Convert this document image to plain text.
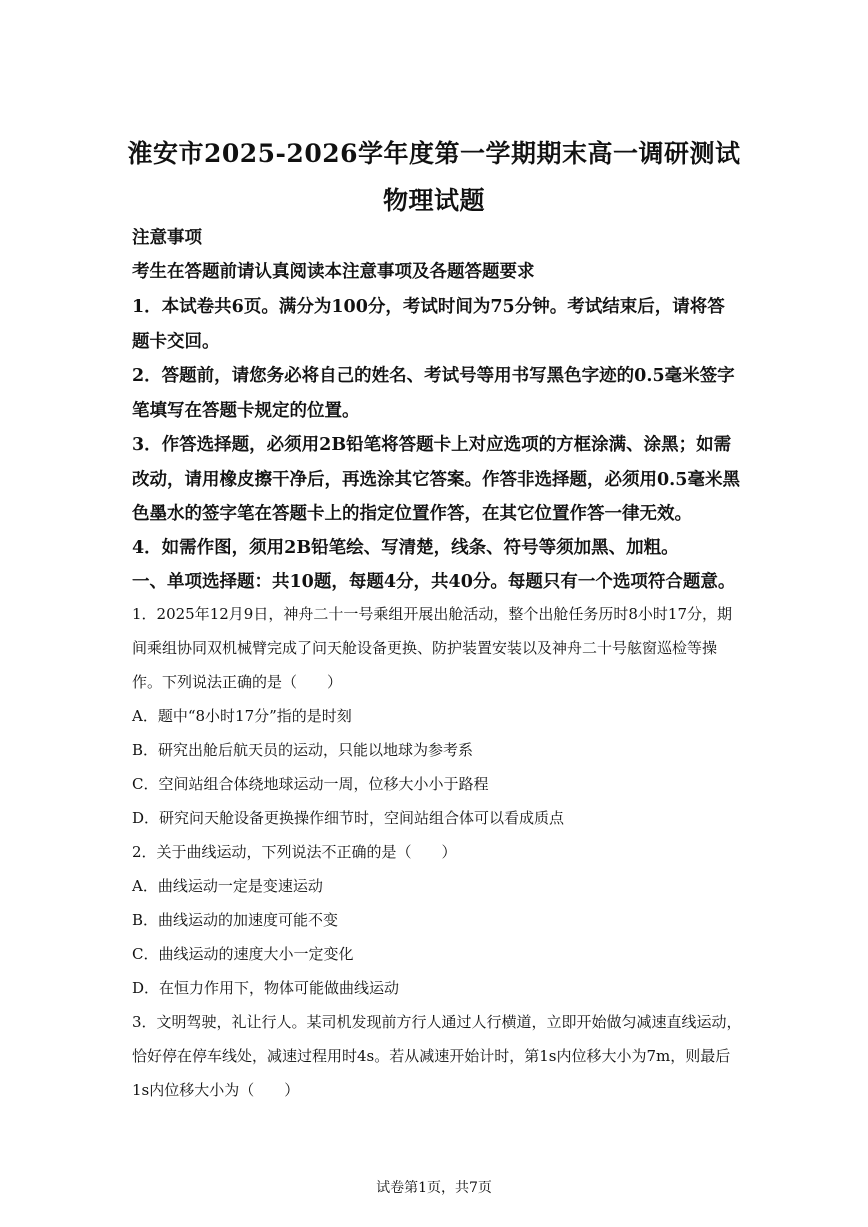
淮安市2025-2026学年度第一学期期末高一调研测试
物理试题
注意事项
考生在答题前请认真阅读本注意事项及各题答题要求
1．本试卷共6页。满分为100分，考试时间为75分钟。考试结束后，请将答题卡交回。
2．答题前，请您务必将自己的姓名、考试号等用书写黑色字迹的0.5毫米签字笔填写在答题卡规定的位置。
3．作答选择题，必须用2B铅笔将答题卡上对应选项的方框涂满、涂黑；如需改动，请用橡皮擦干净后，再选涂其它答案。作答非选择题，必须用0.5毫米黑色墨水的签字笔在答题卡上的指定位置作答，在其它位置作答一律无效。
4．如需作图，须用2B铅笔绘、写清楚，线条、符号等须加黑、加粗。
一、单项选择题：共10题，每题4分，共40分。每题只有一个选项符合题意。
1．2025年12月9日，神舟二十一号乘组开展出舱活动，整个出舱任务历时8小时17分，期间乘组协同双机械臂完成了问天舱设备更换、防护装置安装以及神舟二十号舷窗巡检等操作。下列说法正确的是（　　）
A．题中“8小时17分”指的是时刻
B．研究出舱后航天员的运动，只能以地球为参考系
C．空间站组合体绕地球运动一周，位移大小小于路程
D．研究问天舱设备更换操作细节时，空间站组合体可以看成质点
2．关于曲线运动，下列说法不正确的是（　　）
A．曲线运动一定是变速运动
B．曲线运动的加速度可能不变
C．曲线运动的速度大小一定变化
D．在恒力作用下，物体可能做曲线运动
3．文明驾驶，礼让行人。某司机发现前方行人通过人行横道，立即开始做匀减速直线运动，恰好停在停车线处，减速过程用时4s。若从减速开始计时，第1s内位移大小为7m，则最后1s内位移大小为（　　）
试卷第1页，共7页
